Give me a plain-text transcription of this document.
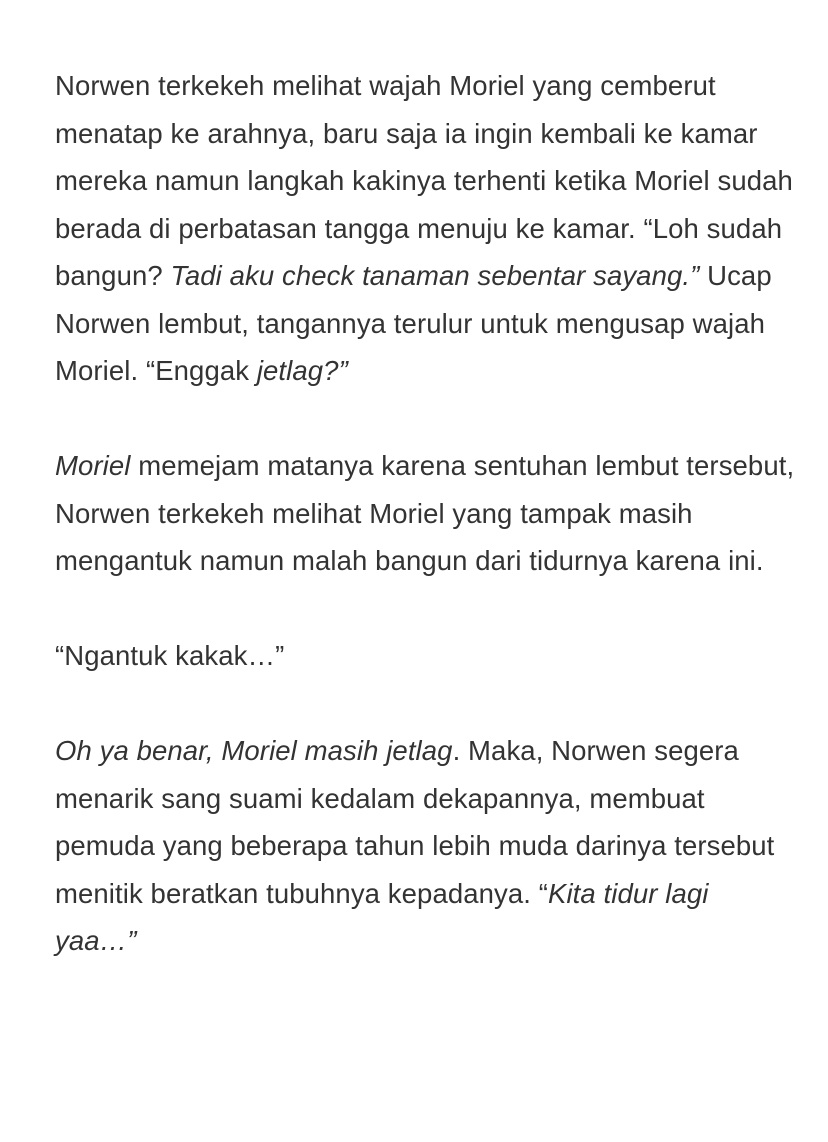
Norwen terkekeh melihat wajah Moriel yang cemberut menatap ke arahnya, baru saja ia ingin kembali ke kamar mereka namun langkah kakinya terhenti ketika Moriel sudah berada di perbatasan tangga menuju ke kamar. “Loh sudah bangun? Tadi aku check tanaman sebentar sayang.” Ucap Norwen lembut, tangannya terulur untuk mengusap wajah Moriel. “Enggak jetlag?”

Moriel memejam matanya karena sentuhan lembut tersebut, Norwen terkekeh melihat Moriel yang tampak masih mengantuk namun malah bangun dari tidurnya karena ini.

“Ngantuk kakak…”

Oh ya benar, Moriel masih jetlag. Maka, Norwen segera menarik sang suami kedalam dekapannya, membuat pemuda yang beberapa tahun lebih muda darinya tersebut menitik beratkan tubuhnya kepadanya. “Kita tidur lagi yaa…”
